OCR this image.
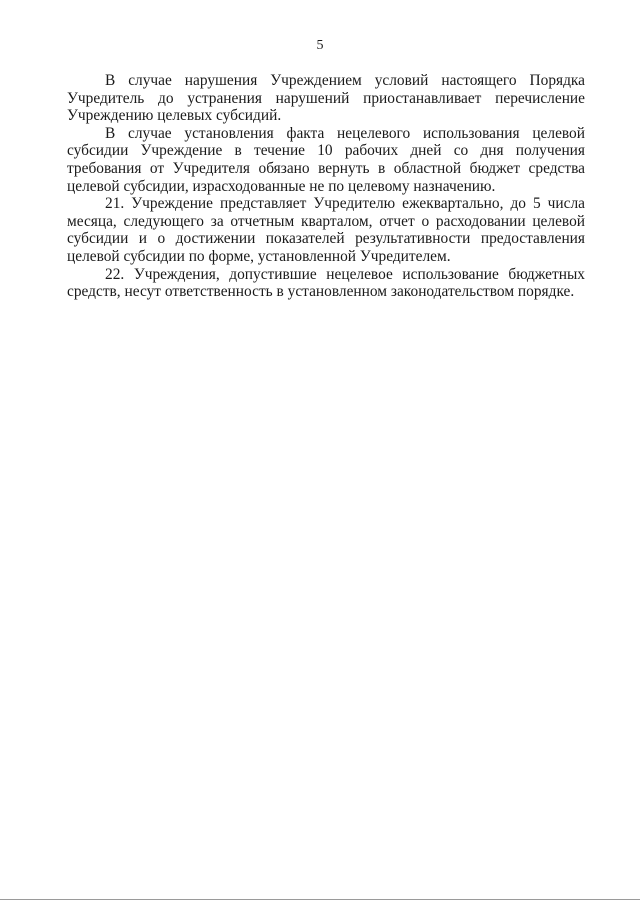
5

В случае нарушения Учреждением условий настоящего Порядка Учредитель до устранения нарушений приостанавливает перечисление Учреждению целевых субсидий.

В случае установления факта нецелевого использования целевой субсидии Учреждение в течение 10 рабочих дней со дня получения требования от Учредителя обязано вернуть в областной бюджет средства целевой субсидии, израсходованные не по целевому назначению.

21. Учреждение представляет Учредителю ежеквартально, до 5 числа месяца, следующего за отчетным кварталом, отчет о расходовании целевой субсидии и о достижении показателей результативности предоставления целевой субсидии по форме, установленной Учредителем.

22. Учреждения, допустившие нецелевое использование бюджетных средств, несут ответственность в установленном законодательством порядке.
